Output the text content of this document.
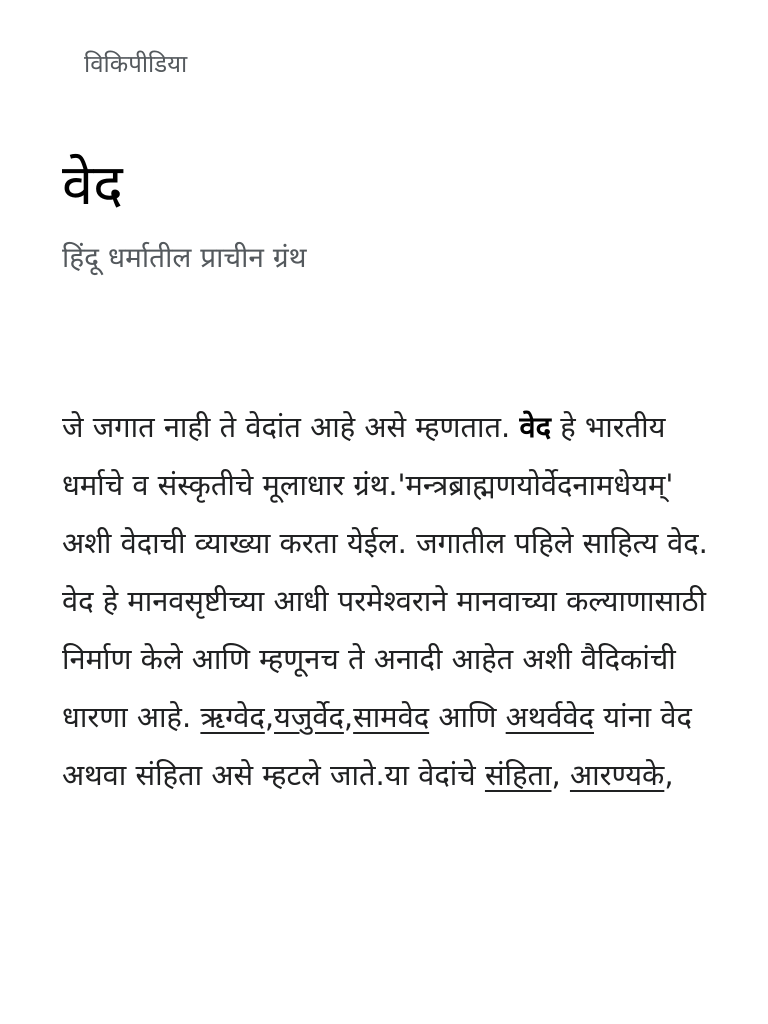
विकिपीडिया
वेद
हिंदू धर्मातील प्राचीन ग्रंथ
जे जगात नाही ते वेदांत आहे असे म्हणतात. वेद हे भारतीय धर्माचे व संस्कृतीचे मूलाधार ग्रंथ.'मन्त्रब्राह्मणयोर्वेदनामधेयम्' अशी वेदाची व्याख्या करता येईल. जगातील पहिले साहित्य वेद. वेद हे मानवसृष्टीच्या आधी परमेश्वराने मानवाच्या कल्याणासाठी निर्माण केले आणि म्हणूनच ते अनादी आहेत अशी वैदिकांची धारणा आहे. ऋग्वेद,यजुर्वेद,सामवेद आणि अथर्ववेद यांना वेद अथवा संहिता असे म्हटले जाते.या वेदांचे संहिता, आरण्यके,
